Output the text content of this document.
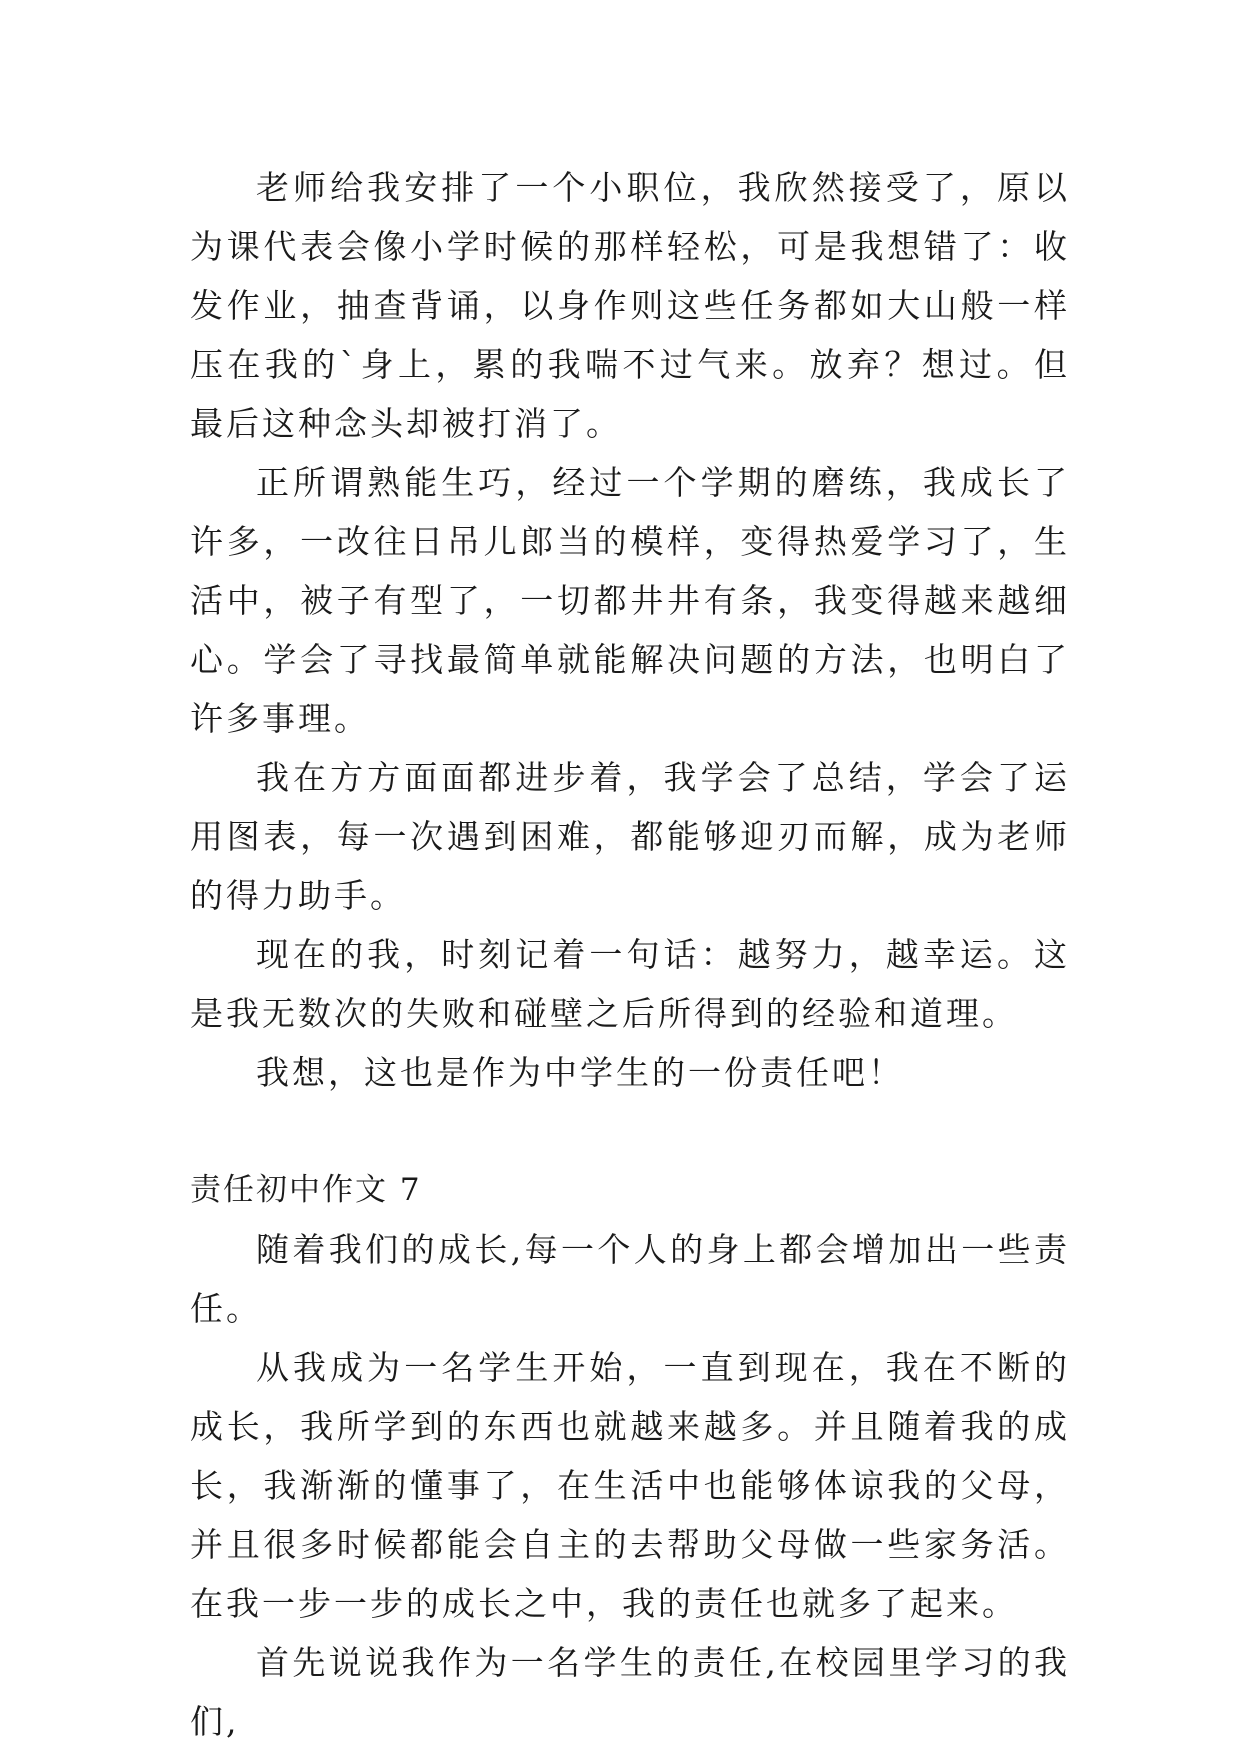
老师给我安排了一个小职位，我欣然接受了，原以为课代表会像小学时候的那样轻松，可是我想错了：收发作业，抽查背诵，以身作则这些任务都如大山般一样压在我的`身上，累的我喘不过气来。放弃？想过。但最后这种念头却被打消了。

正所谓熟能生巧，经过一个学期的磨练，我成长了许多，一改往日吊儿郎当的模样，变得热爱学习了，生活中，被子有型了，一切都井井有条，我变得越来越细心。学会了寻找最简单就能解决问题的方法，也明白了许多事理。

我在方方面面都进步着，我学会了总结，学会了运用图表，每一次遇到困难，都能够迎刃而解，成为老师的得力助手。

现在的我，时刻记着一句话：越努力，越幸运。这是我无数次的失败和碰壁之后所得到的经验和道理。

我想，这也是作为中学生的一份责任吧！

责任初中作文 7

随着我们的成长,每一个人的身上都会增加出一些责任。

从我成为一名学生开始，一直到现在，我在不断的成长，我所学到的东西也就越来越多。并且随着我的成长，我渐渐的懂事了，在生活中也能够体谅我的父母，并且很多时候都能会自主的去帮助父母做一些家务活。在我一步一步的成长之中，我的责任也就多了起来。

首先说说我作为一名学生的责任,在校园里学习的我们,
